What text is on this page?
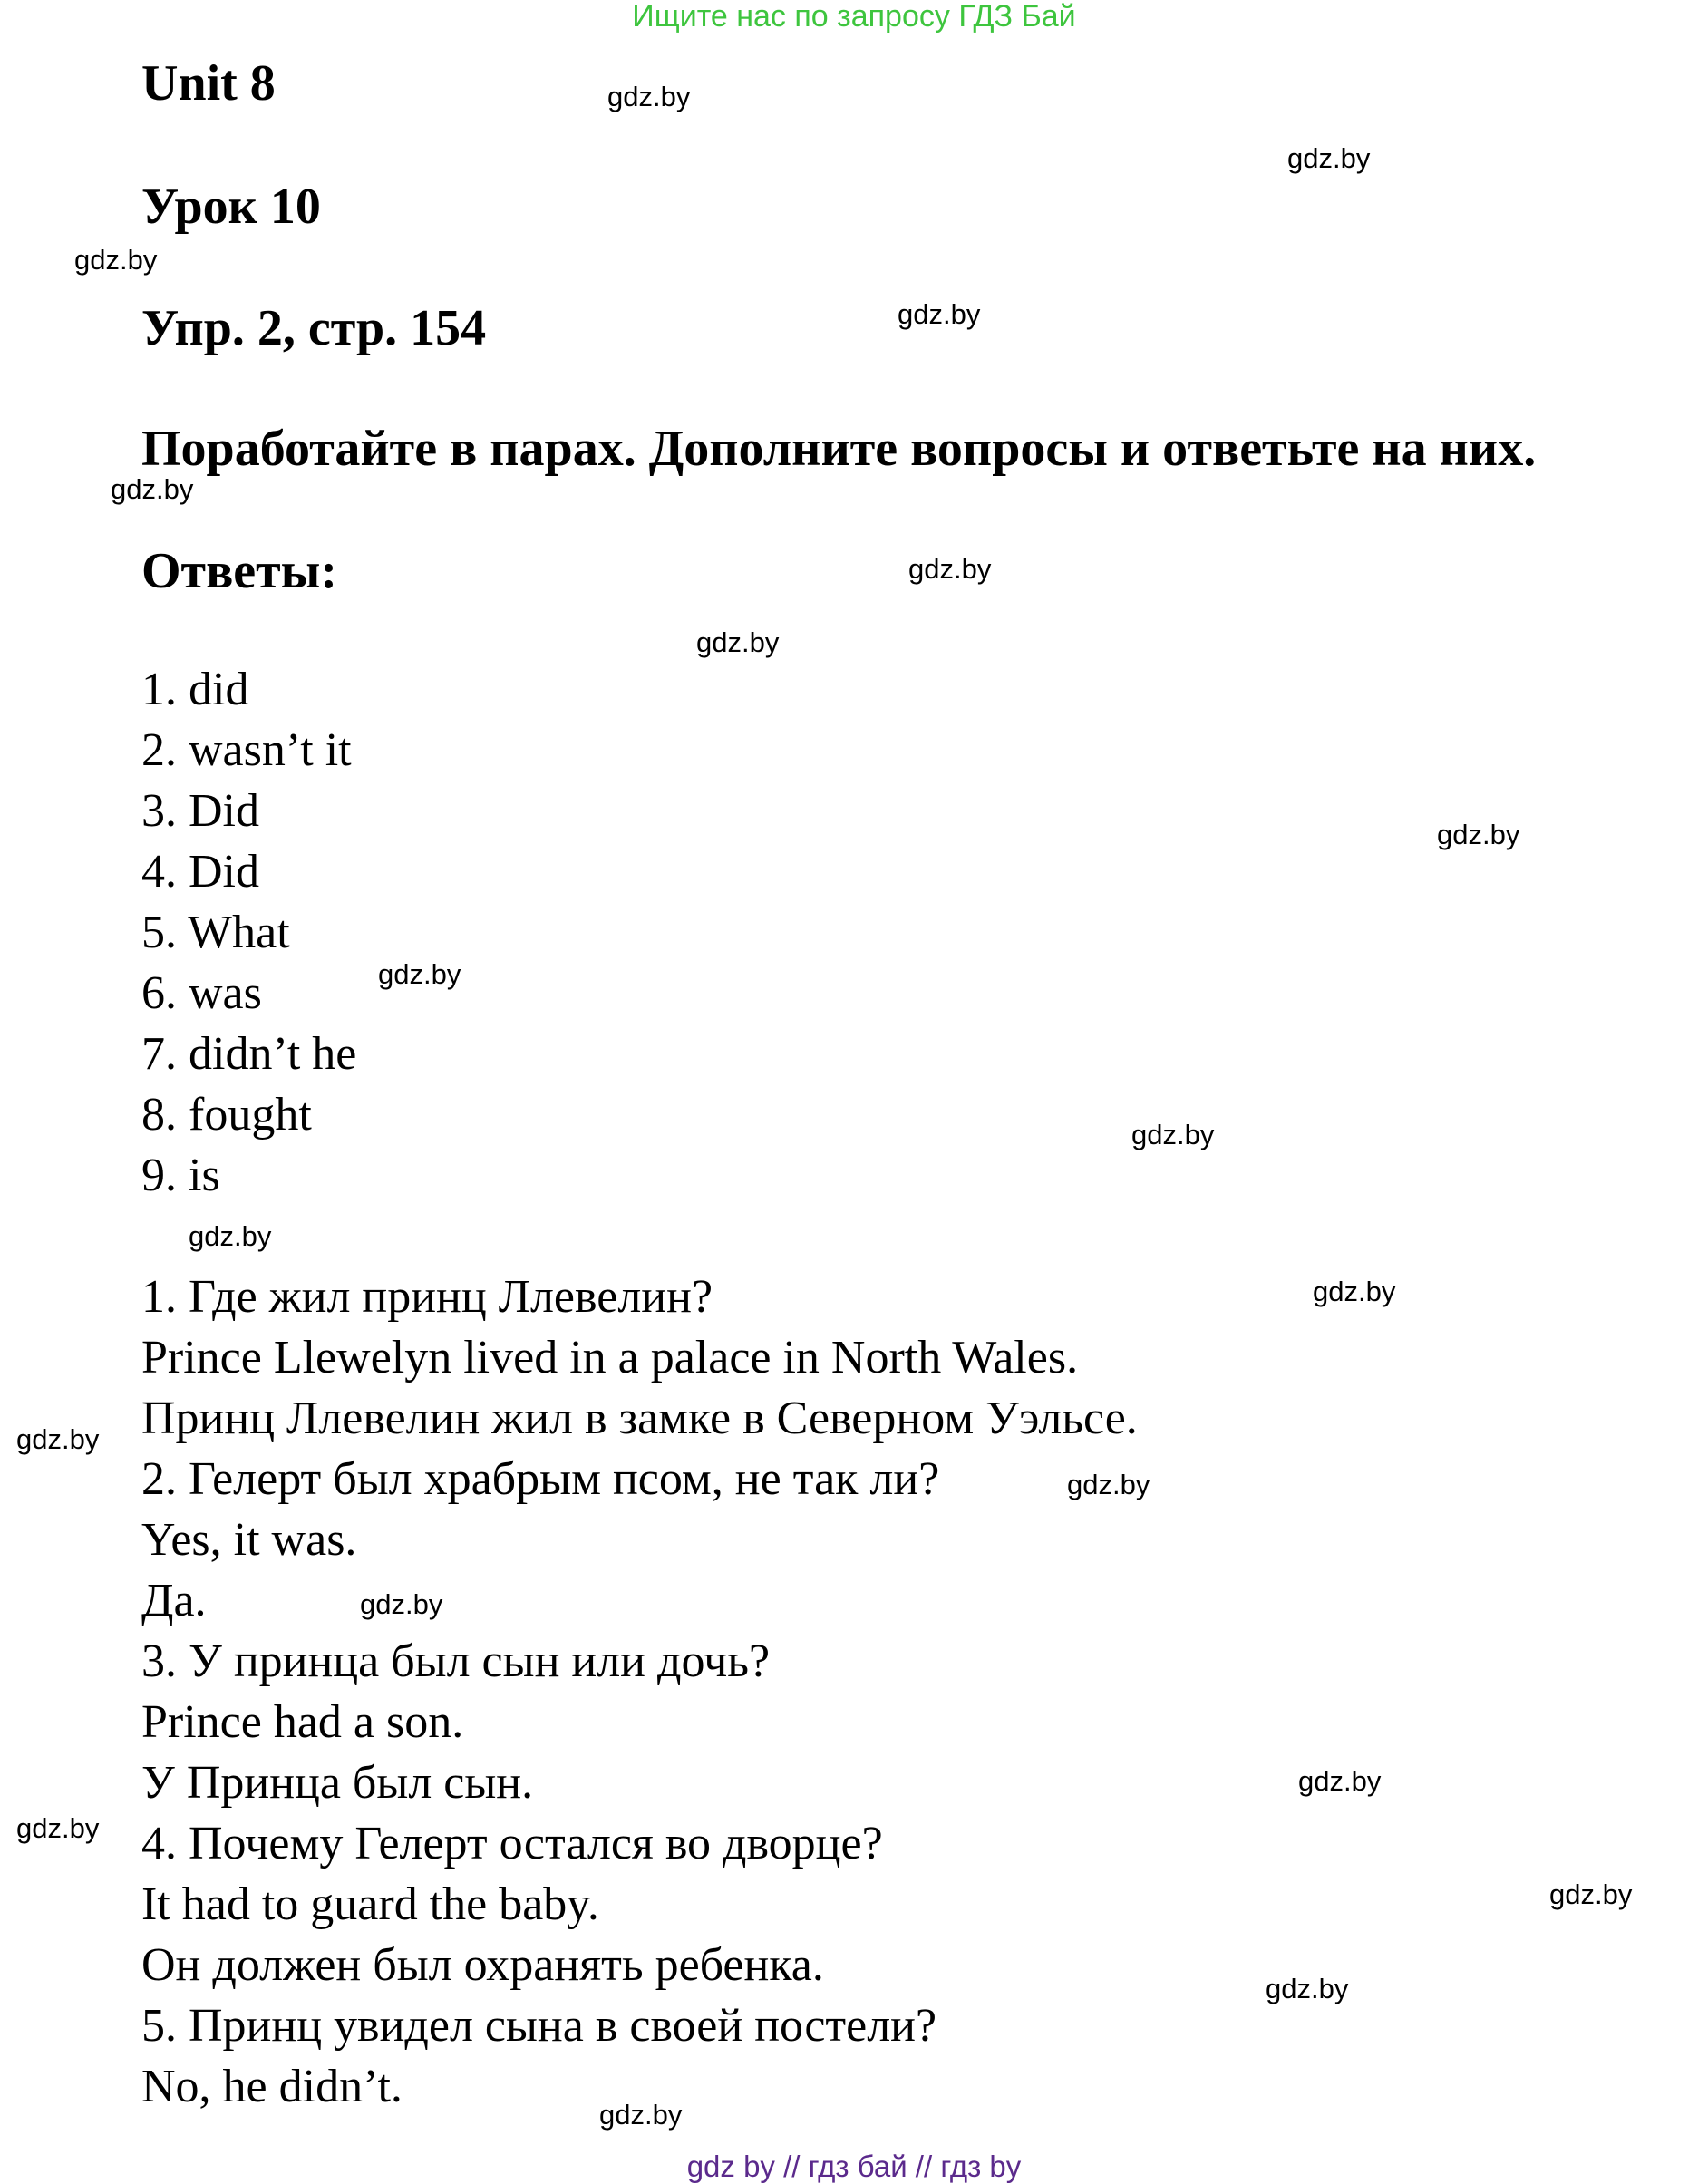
Ищите нас по запросу ГДЗ Бай
Unit 8
Урок 10
Упр. 2, стр. 154
Поработайте в парах. Дополните вопросы и ответьте на них.
Ответы:
1. did
2. wasn’t it
3. Did
4. Did
5. What
6. was
7. didn’t he
8. fought
9. is
1. Где жил принц Ллевелин?
Prince Llewelyn lived in a palace in North Wales.
Принц Ллевелин жил в замке в Северном Уэльсе.
2. Гелерт был храбрым псом, не так ли?
Yes, it was.
Да.
3. У принца был сын или дочь?
Prince had a son.
У Принца был сын.
4. Почему Гелерт остался во дворце?
It had to guard the baby.
Он должен был охранять ребенка.
5. Принц увидел сына в своей постели?
No, he didn’t.
gdz.by
gdz.by
gdz.by
gdz.by
gdz.by
gdz.by
gdz.by
gdz.by
gdz.by
gdz.by
gdz.by
gdz.by
gdz.by
gdz.by
gdz.by
gdz.by
gdz.by
gdz.by
gdz.by
gdz.by
gdz by // гдз бай // гдз by
